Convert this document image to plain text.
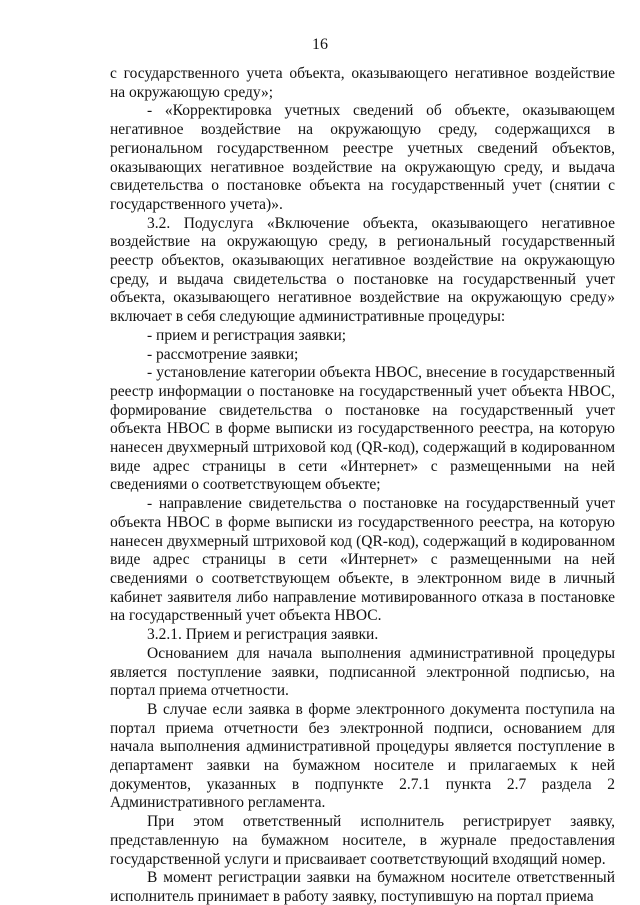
16

с государственного учета объекта, оказывающего негативное воздействие на окружающую среду»;

- «Корректировка учетных сведений об объекте, оказывающем негативное воздействие на окружающую среду, содержащихся в региональном государственном реестре учетных сведений объектов, оказывающих негативное воздействие на окружающую среду, и выдача свидетельства о постановке объекта на государственный учет (снятии с государственного учета)».

3.2. Подуслуга «Включение объекта, оказывающего негативное воздействие на окружающую среду, в региональный государственный реестр объектов, оказывающих негативное воздействие на окружающую среду, и выдача свидетельства о постановке на государственный учет объекта, оказывающего негативное воздействие на окружающую среду» включает в себя следующие административные процедуры:

- прием и регистрация заявки;

- рассмотрение заявки;

- установление категории объекта НВОС, внесение в государственный реестр информации о постановке на государственный учет объекта НВОС, формирование свидетельства о постановке на государственный учет объекта НВОС в форме выписки из государственного реестра, на которую нанесен двухмерный штриховой код (QR-код), содержащий в кодированном виде адрес страницы в сети «Интернет» с размещенными на ней сведениями о соответствующем объекте;

- направление свидетельства о постановке на государственный учет объекта НВОС в форме выписки из государственного реестра, на которую нанесен двухмерный штриховой код (QR-код), содержащий в кодированном виде адрес страницы в сети «Интернет» с размещенными на ней сведениями о соответствующем объекте, в электронном виде в личный кабинет заявителя либо направление мотивированного отказа в постановке на государственный учет объекта НВОС.

3.2.1. Прием и регистрация заявки.

Основанием для начала выполнения административной процедуры является поступление заявки, подписанной электронной подписью, на портал приема отчетности.

В случае если заявка в форме электронного документа поступила на портал приема отчетности без электронной подписи, основанием для начала выполнения административной процедуры является поступление в департамент заявки на бумажном носителе и прилагаемых к ней документов, указанных в подпункте 2.7.1 пункта 2.7 раздела 2 Административного регламента.

При этом ответственный исполнитель регистрирует заявку, представленную на бумажном носителе, в журнале предоставления государственной услуги и присваивает соответствующий входящий номер.

В момент регистрации заявки на бумажном носителе ответственный исполнитель принимает в работу заявку, поступившую на портал приема
